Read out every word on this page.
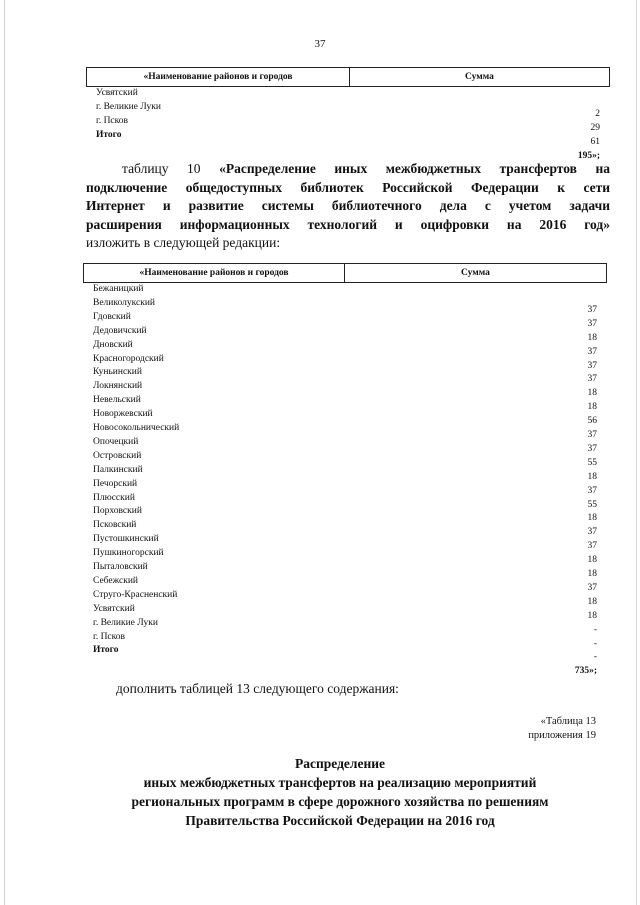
37
«Наименование районов и городов	Сумма
Усвятский
г. Великие Луки
2
г. Псков
29
Итого
61
195»;
таблицу 10 «Распределение иных межбюджетных трансфертов на
подключение общедоступных библиотек Российской Федерации к сети
Интернет и развитие системы библиотечного дела с учетом задачи
расширения информационных технологий и оцифровки на 2016 год»
изложить в следующей редакции:
«Наименование районов и городов	Сумма
Бежаницкий
Великолукский
37
Гдовский
37
Дедовичский
18
Дновский
37
Красногородский
37
Куньинский
37
Локнянский
18
Невельский
18
Новоржевский
56
Новосокольнический
37
Опочецкий
37
Островский
55
Палкинский
18
Печорский
37
Плюсский
55
Порховский
18
Псковский
37
Пустошкинский
37
Пушкиногорский
18
Пыталовский
18
Себежский
37
Струго-Красненский
18
Усвятский
18
г. Великие Луки
-
г. Псков
-
Итого
-
735»;
дополнить таблицей 13 следующего содержания:
«Таблица 13
приложения 19
Распределение
иных межбюджетных трансфертов на реализацию мероприятий
региональных программ в сфере дорожного хозяйства по решениям
Правительства Российской Федерации на 2016 год
